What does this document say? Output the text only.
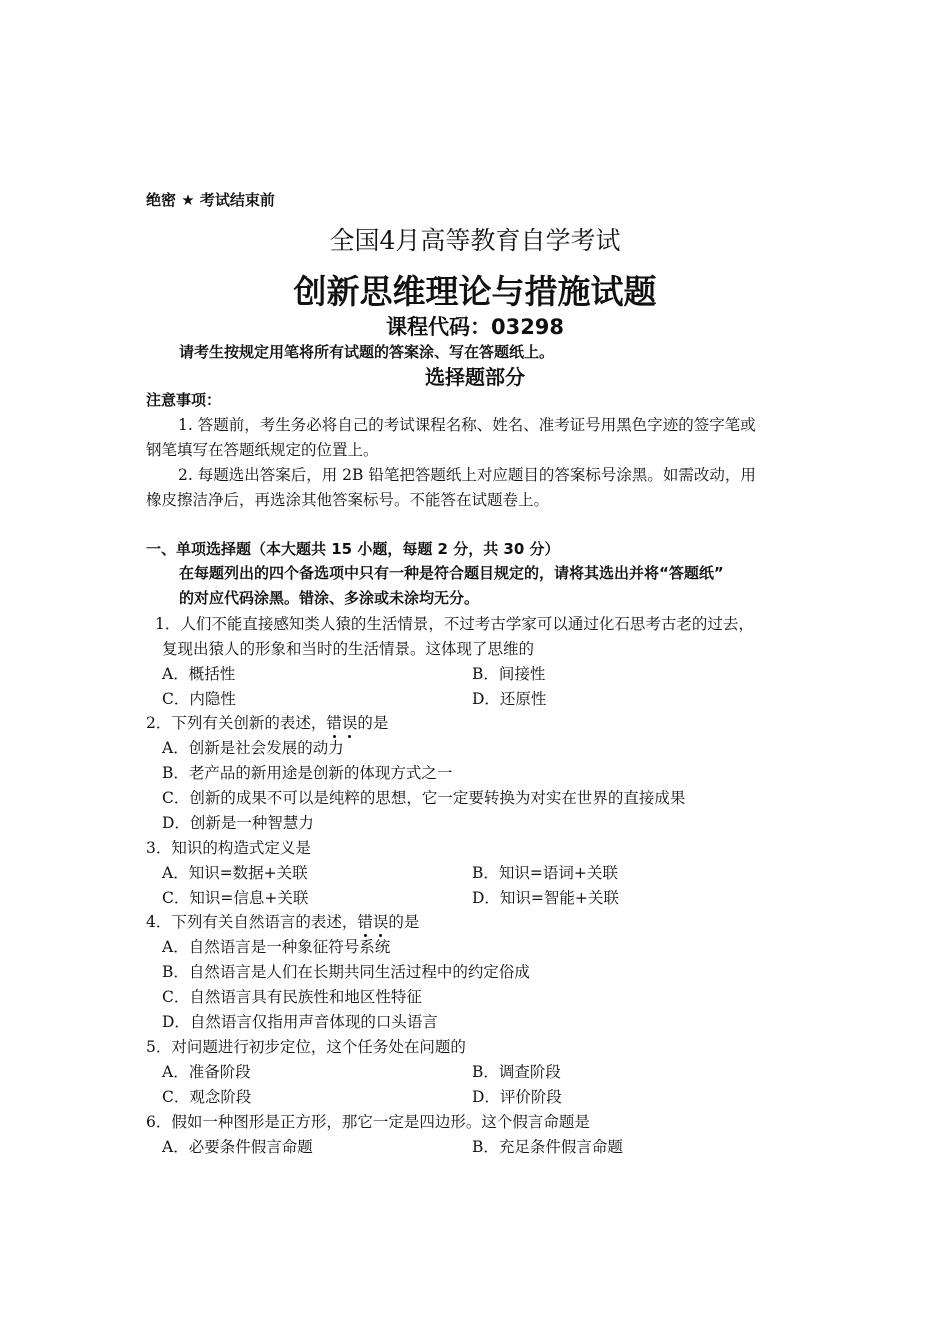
绝密 ★ 考试结束前
全国4月高等教育自学考试
创新思维理论与措施试题
课程代码：03298
请考生按规定用笔将所有试题的答案涂、写在答题纸上。
选择题部分
注意事项：
1. 答题前，考生务必将自己的考试课程名称、姓名、准考证号用黑色字迹的签字笔或
钢笔填写在答题纸规定的位置上。
2. 每题选出答案后，用 2B 铅笔把答题纸上对应题目的答案标号涂黑。如需改动，用
橡皮擦洁净后，再选涂其他答案标号。不能答在试题卷上。
一、单项选择题（本大题共 15 小题，每题 2 分，共 30 分）
在每题列出的四个备选项中只有一种是符合题目规定的，请将其选出并将“答题纸”
的对应代码涂黑。错涂、多涂或未涂均无分。
1．人们不能直接感知类人猿的生活情景，不过考古学家可以通过化石思考古老的过去，
复现出猿人的形象和当时的生活情景。这体现了思维的
A．概括性	B．间接性
C．内隐性	D．还原性
2．下列有关创新的表述，错误的是
A．创新是社会发展的动力
B．老产品的新用途是创新的体现方式之一
C．创新的成果不可以是纯粹的思想，它一定要转换为对实在世界的直接成果
D．创新是一种智慧力
3．知识的构造式定义是
A．知识=数据+关联	B．知识=语词+关联
C．知识=信息+关联	D．知识=智能+关联
4．下列有关自然语言的表述，错误的是
A．自然语言是一种象征符号系统
B．自然语言是人们在长期共同生活过程中的约定俗成
C．自然语言具有民族性和地区性特征
D．自然语言仅指用声音体现的口头语言
5．对问题进行初步定位，这个任务处在问题的
A．准备阶段	B．调查阶段
C．观念阶段	D．评价阶段
6．假如一种图形是正方形，那它一定是四边形。这个假言命题是
A．必要条件假言命题	B．充足条件假言命题
